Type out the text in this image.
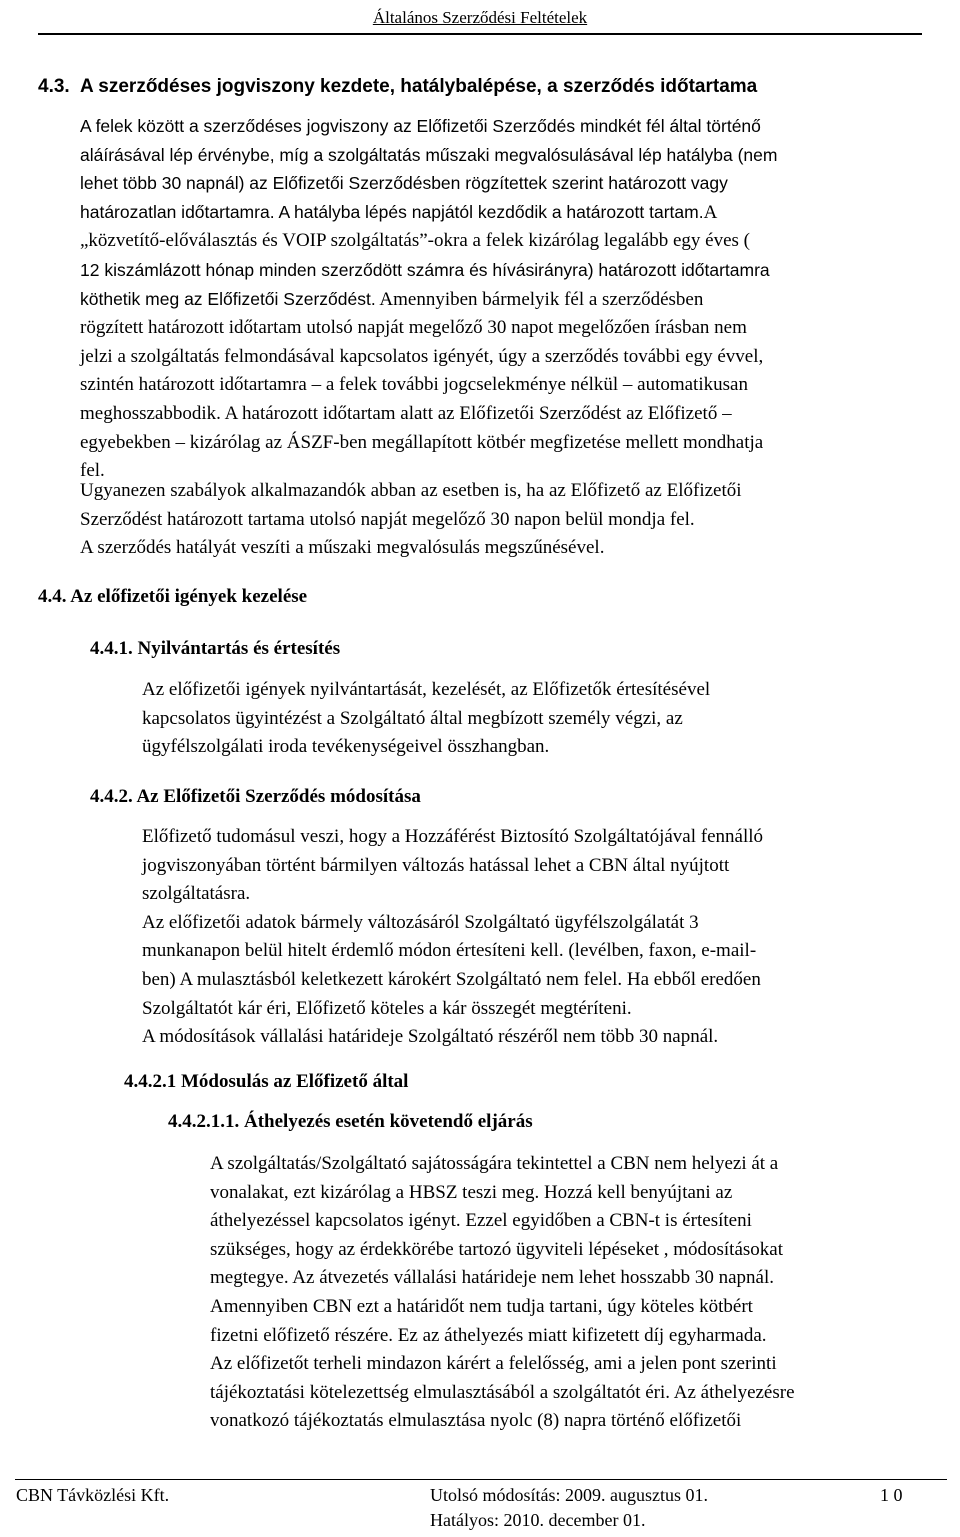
Általános Szerződési Feltételek
4.3. A szerződéses jogviszony kezdete, hatálybalépése, a szerződés időtartama
A felek között a szerződéses jogviszony az Előfizetői Szerződés mindkét fél által történő
aláírásával lép érvénybe, míg a szolgáltatás műszaki megvalósulásával lép hatályba (nem
lehet több 30 napnál) az Előfizetői Szerződésben rögzítettek szerint határozott vagy
határozatlan időtartamra. A hatályba lépés napjától kezdődik a határozott tartam.A
„közvetítő-előválasztás és VOIP szolgáltatás”-okra a felek kizárólag legalább egy éves (
12 kiszámlázott hónap minden szerződött számra és hívásirányra) határozott időtartamra
köthetik meg az Előfizetői Szerződést. Amennyiben bármelyik fél a szerződésben
rögzített határozott időtartam utolsó napját megelőző 30 napot megelőzően írásban nem
jelzi a szolgáltatás felmondásával kapcsolatos igényét, úgy a szerződés további egy évvel,
szintén határozott időtartamra – a felek további jogcselekménye nélkül – automatikusan
meghosszabbodik. A határozott időtartam alatt az Előfizetői Szerződést az Előfizető –
egyebekben – kizárólag az ÁSZF-ben megállapított kötbér megfizetése mellett mondhatja
fel.
Ugyanezen szabályok alkalmazandók abban az esetben is, ha az Előfizető az Előfizetői
Szerződést határozott tartama utolsó napját megelőző 30 napon belül mondja fel.
A szerződés hatályát veszíti a műszaki megvalósulás megszűnésével.
4.4. Az előfizetői igények kezelése
4.4.1. Nyilvántartás és értesítés
Az előfizetői igények nyilvántartását, kezelését, az Előfizetők értesítésével
kapcsolatos ügyintézést a Szolgáltató által megbízott személy végzi, az
ügyfélszolgálati iroda tevékenységeivel összhangban.
4.4.2. Az Előfizetői Szerződés módosítása
Előfizető tudomásul veszi, hogy a Hozzáférést Biztosító Szolgáltatójával fennálló
jogviszonyában történt bármilyen változás hatással lehet a CBN által nyújtott
szolgáltatásra.
Az előfizetői adatok bármely változásáról Szolgáltató ügyfélszolgálatát 3
munkanapon belül hitelt érdemlő módon értesíteni kell. (levélben, faxon, e-mail-
ben) A mulasztásból keletkezett károkért Szolgáltató nem felel. Ha ebből eredően
Szolgáltatót kár éri, Előfizető köteles a kár összegét megtéríteni.
A módosítások vállalási határideje Szolgáltató részéről nem több 30 napnál.
4.4.2.1 Módosulás az Előfizető által
4.4.2.1.1. Áthelyezés esetén követendő eljárás
A szolgáltatás/Szolgáltató sajátosságára tekintettel a CBN nem helyezi át a
vonalakat, ezt kizárólag a HBSZ teszi meg. Hozzá kell benyújtani az
áthelyezéssel kapcsolatos igényt. Ezzel egyidőben a CBN-t is értesíteni
szükséges, hogy az érdekkörébe tartozó ügyviteli lépéseket , módosításokat
megtegye. Az átvezetés vállalási határideje nem lehet hosszabb 30 napnál.
Amennyiben CBN ezt a határidőt nem tudja tartani, úgy köteles kötbért
fizetni előfizető részére. Ez az áthelyezés miatt kifizetett díj egyharmada.
Az előfizetőt terheli mindazon kárért a felelősség, ami a jelen pont szerinti
tájékoztatási kötelezettség elmulasztásából a szolgáltatót éri. Az áthelyezésre
vonatkozó tájékoztatás elmulasztása nyolc (8) napra történő előfizetői
CBN Távközlési Kft.	Utolsó módosítás: 2009. augusztus 01.
Hatályos: 2010. december 01.
1 0
